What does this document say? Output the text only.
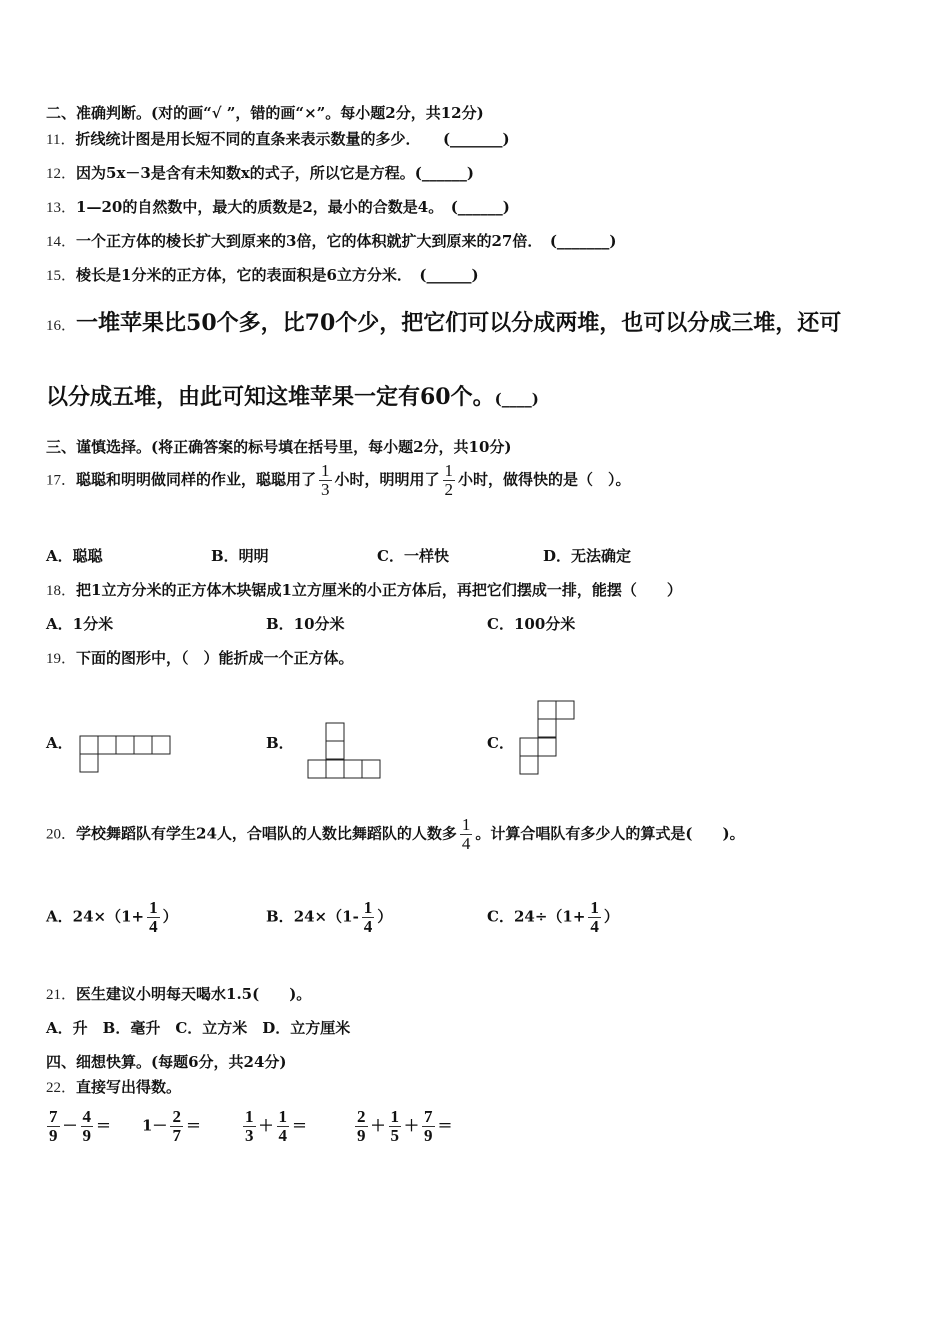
二、准确判断。(对的画“√ ”，错的画“×”。每小题2分，共12分)
11．折线统计图是用长短不同的直条来表示数量的多少．　　(_______)
12．因为5x－3是含有未知数x的式子，所以它是方程。(______)
13．1—20的自然数中，最大的质数是2，最小的合数是4。　(______)
14．一个正方体的棱长扩大到原来的3倍，它的体积就扩大到原来的27倍．　(_______)
15．棱长是1分米的正方体，它的表面积是6立方分米．　(______)
16．一堆苹果比50个多，比70个少，把它们可以分成两堆，也可以分成三堆，还可
以分成五堆，由此可知这堆苹果一定有60个。(____)
三、谨慎选择。(将正确答案的标号填在括号里，每小题2分，共10分)
17．聪聪和明明做同样的作业，聪聪用了 $\frac{1}{3}$ 小时，明明用了 $\frac{1}{2}$ 小时，做得快的是（　）。
A．聪聪	B．明明	C．一样快	D．无法确定
18．把1立方分米的正方体木块锯成1立方厘米的小正方体后，再把它们摆成一排，能摆（　　）
A．1分米	B．10分米	C．100分米
19．下面的图形中，（　）能折成一个正方体。
A．	B．	C．
20．学校舞蹈队有学生24人，合唱队的人数比舞蹈队的人数多 $\frac{1}{4}$ 。计算合唱队有多少人的算式是(　　)。
A．$24\times(1+ \frac{1}{4}$ ）	B．$24\times(1- \frac{1}{4}$ ）	C．$24\div(1+ \frac{1}{4}$ ）
21．医生建议小明每天喝水1.5(　　)。
A．升　B．毫升　C．立方米　D．立方厘米
四、细想快算。(每题6分，共24分)
22．直接写出得数。
$\frac{7}{9} - \frac{4}{9} = 1- \frac{2}{7} = \frac{1}{3} + \frac{1}{4}$ ＝	$\frac{2}{9} + \frac{1}{5} + \frac{7}{9}$ ＝
